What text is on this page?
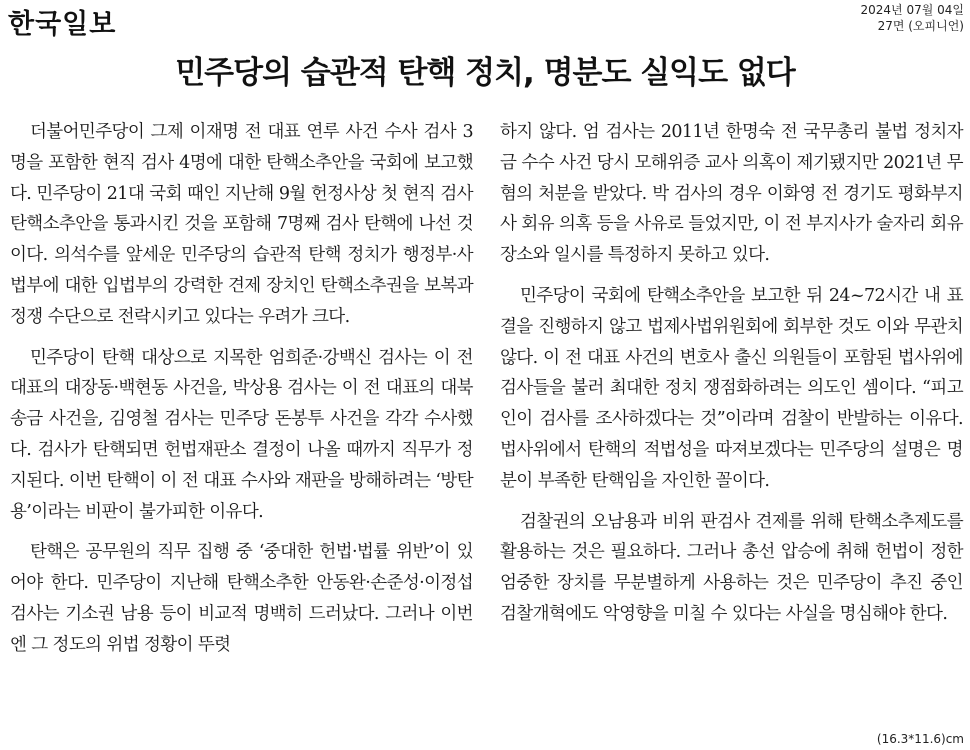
한국일보	2024년 07월 04일
27면 (오피니언)
민주당의 습관적 탄핵 정치, 명분도 실익도 없다

더불어민주당이 그제 이재명 전 대표 연루 사건 수사 검사 3명을 포함한 현직 검사 4명에 대한 탄핵소추안을 국회에 보고했다. 민주당이 21대 국회 때인 지난해 9월 헌정사상 첫 현직 검사 탄핵소추안을 통과시킨 것을 포함해 7명째 검사 탄핵에 나선 것이다. 의석수를 앞세운 민주당의 습관적 탄핵 정치가 행정부·사법부에 대한 입법부의 강력한 견제 장치인 탄핵소추권을 보복과 정쟁 수단으로 전락시키고 있다는 우려가 크다.

민주당이 탄핵 대상으로 지목한 엄희준·강백신 검사는 이 전 대표의 대장동·백현동 사건을, 박상용 검사는 이 전 대표의 대북송금 사건을, 김영철 검사는 민주당 돈봉투 사건을 각각 수사했다. 검사가 탄핵되면 헌법재판소 결정이 나올 때까지 직무가 정지된다. 이번 탄핵이 이 전 대표 수사와 재판을 방해하려는 ‘방탄용’이라는 비판이 불가피한 이유다.

탄핵은 공무원의 직무 집행 중 ‘중대한 헌법·법률 위반’이 있어야 한다. 민주당이 지난해 탄핵소추한 안동완·손준성·이정섭 검사는 기소권 남용 등이 비교적 명백히 드러났다. 그러나 이번엔 그 정도의 위법 정황이 뚜렷

하지 않다. 엄 검사는 2011년 한명숙 전 국무총리 불법 정치자금 수수 사건 당시 모해위증 교사 의혹이 제기됐지만 2021년 무혐의 처분을 받았다. 박 검사의 경우 이화영 전 경기도 평화부지사 회유 의혹 등을 사유로 들었지만, 이 전 부지사가 술자리 회유 장소와 일시를 특정하지 못하고 있다.

민주당이 국회에 탄핵소추안을 보고한 뒤 24~72시간 내 표결을 진행하지 않고 법제사법위원회에 회부한 것도 이와 무관치 않다. 이 전 대표 사건의 변호사 출신 의원들이 포함된 법사위에 검사들을 불러 최대한 정치 쟁점화하려는 의도인 셈이다. “피고인이 검사를 조사하겠다는 것”이라며 검찰이 반발하는 이유다. 법사위에서 탄핵의 적법성을 따져보겠다는 민주당의 설명은 명분이 부족한 탄핵임을 자인한 꼴이다.

검찰권의 오남용과 비위 판검사 견제를 위해 탄핵소추제도를 활용하는 것은 필요하다. 그러나 총선 압승에 취해 헌법이 정한 엄중한 장치를 무분별하게 사용하는 것은 민주당이 추진 중인 검찰개혁에도 악영향을 미칠 수 있다는 사실을 명심해야 한다.

(16.3*11.6)cm
